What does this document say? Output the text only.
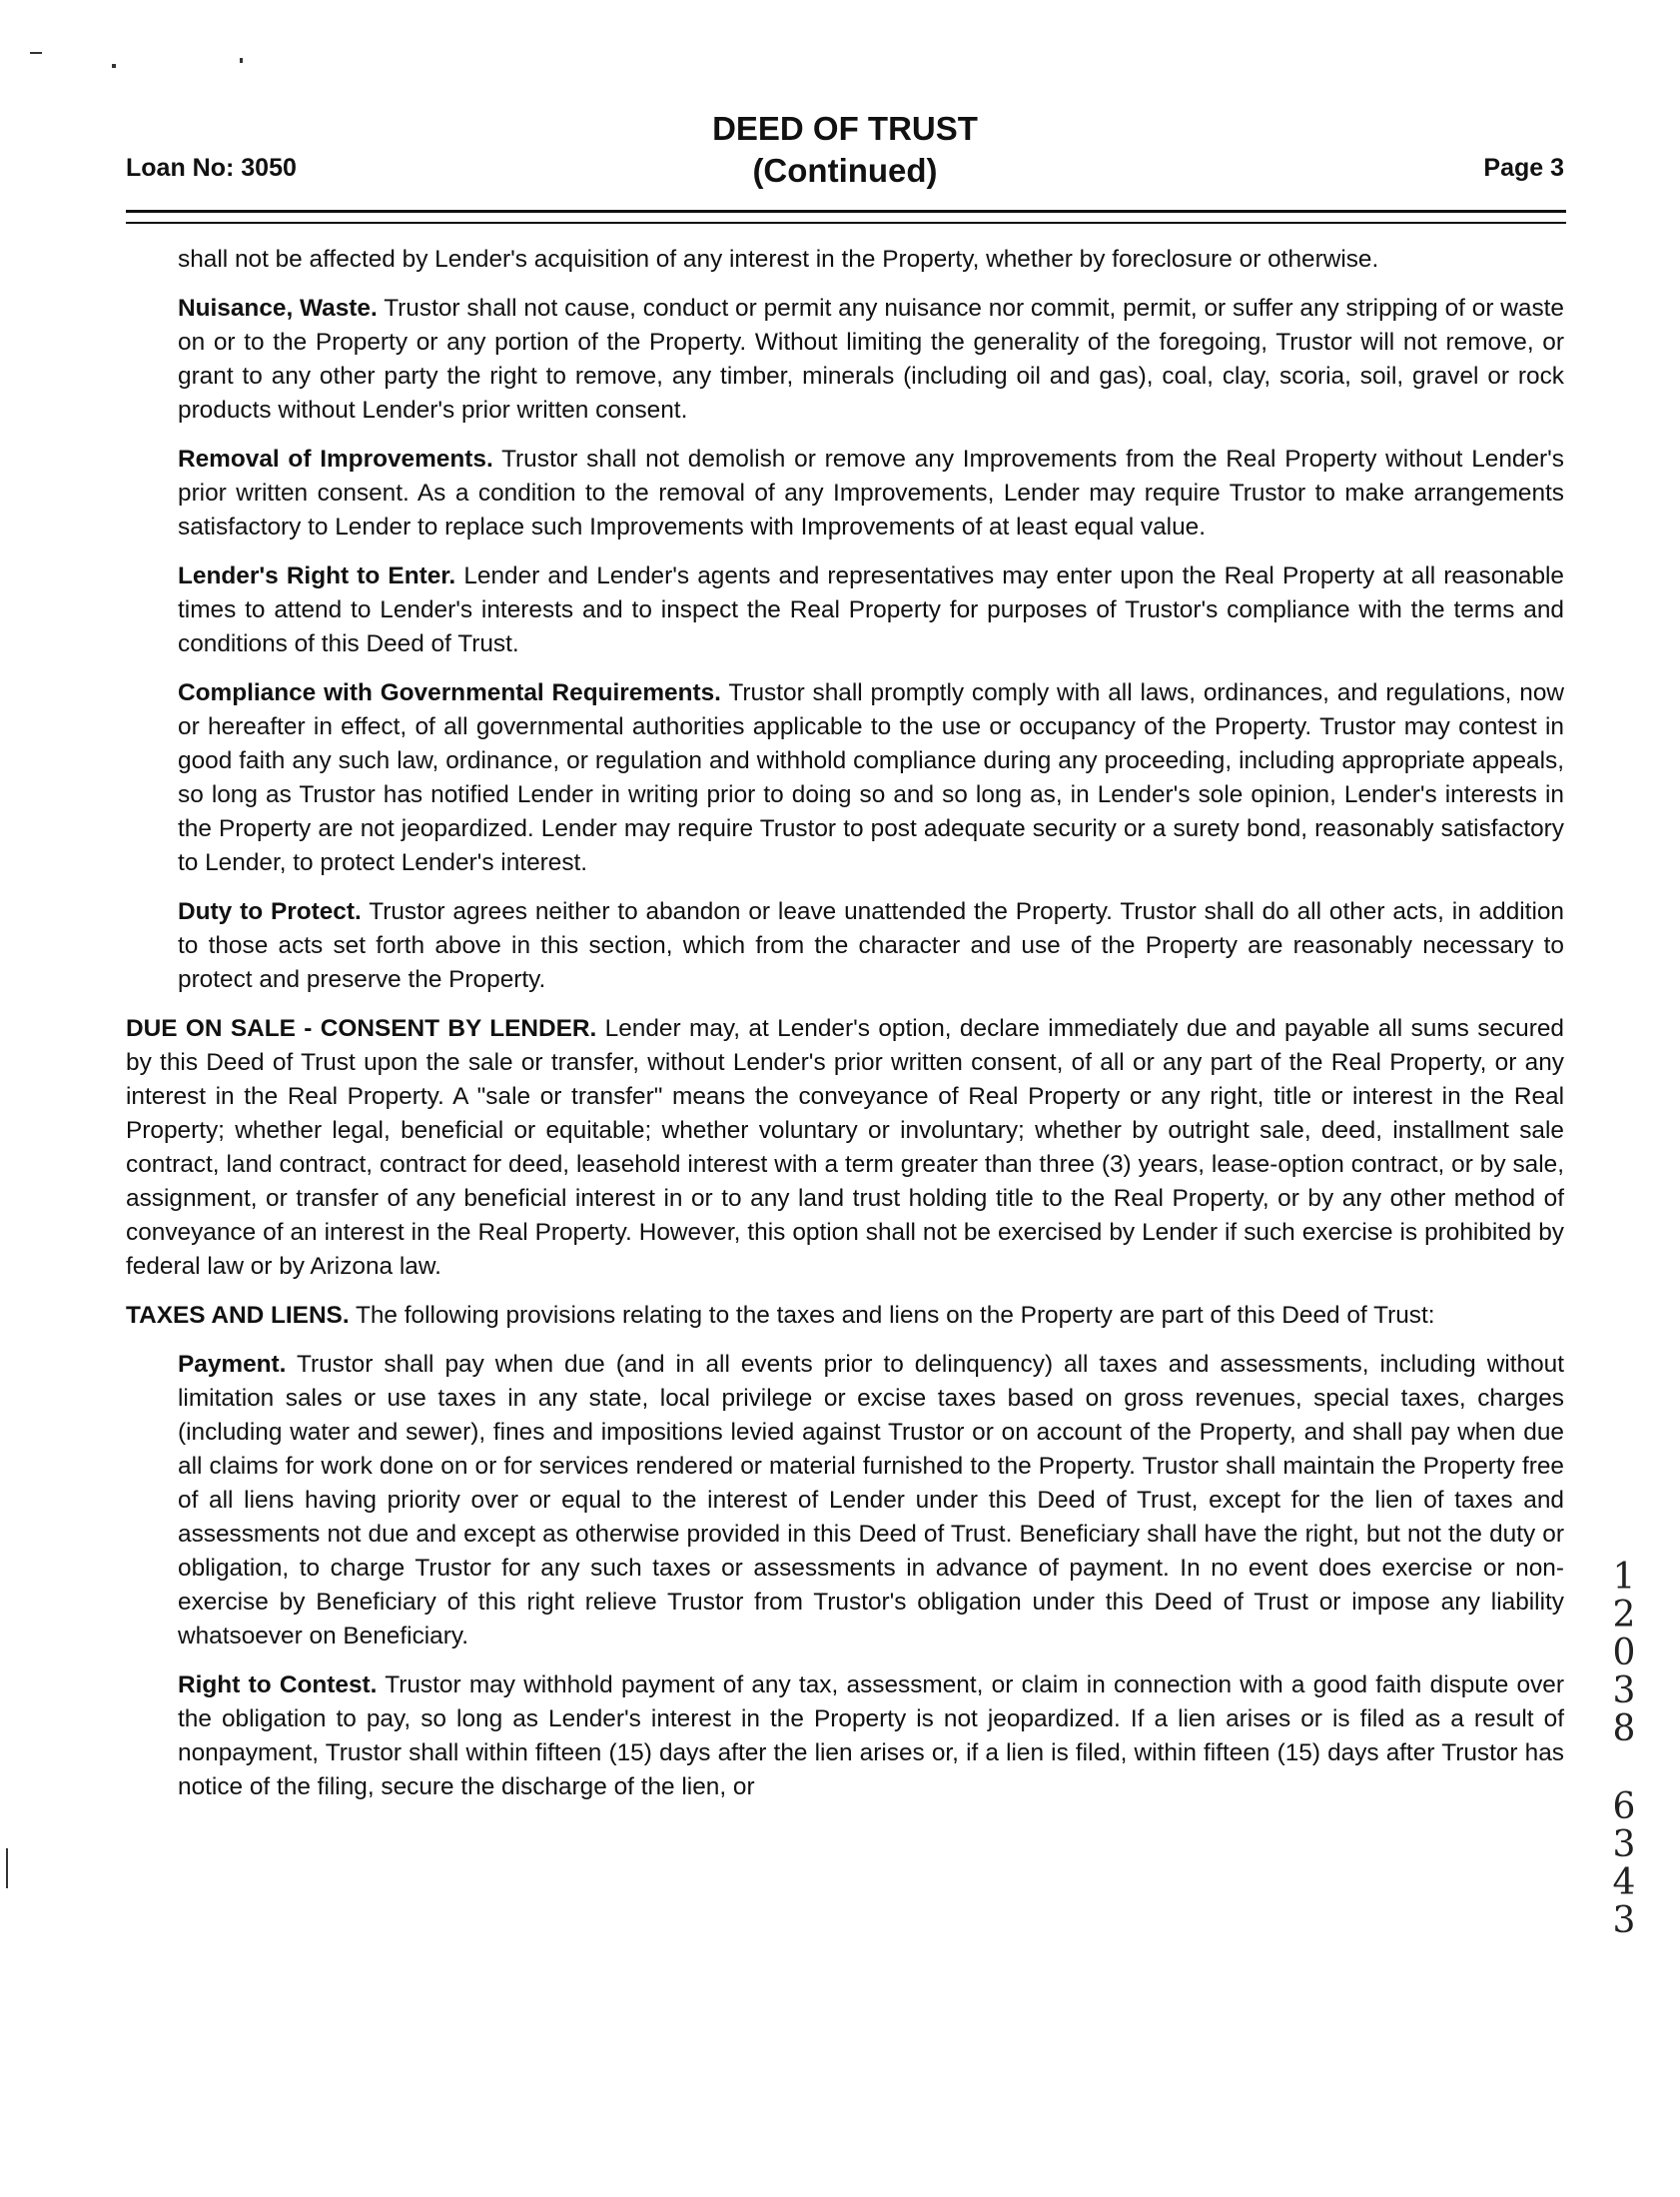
Loan No: 3050
DEED OF TRUST
(Continued)	Page 3

shall not be affected by Lender's acquisition of any interest in the Property, whether by foreclosure or otherwise.

Nuisance, Waste. Trustor shall not cause, conduct or permit any nuisance nor commit, permit, or suffer any stripping of or waste on or to the Property or any portion of the Property. Without limiting the generality of the foregoing, Trustor will not remove, or grant to any other party the right to remove, any timber, minerals (including oil and gas), coal, clay, scoria, soil, gravel or rock products without Lender's prior written consent.

Removal of Improvements. Trustor shall not demolish or remove any Improvements from the Real Property without Lender's prior written consent. As a condition to the removal of any Improvements, Lender may require Trustor to make arrangements satisfactory to Lender to replace such Improvements with Improvements of at least equal value.

Lender's Right to Enter. Lender and Lender's agents and representatives may enter upon the Real Property at all reasonable times to attend to Lender's interests and to inspect the Real Property for purposes of Trustor's compliance with the terms and conditions of this Deed of Trust.

Compliance with Governmental Requirements. Trustor shall promptly comply with all laws, ordinances, and regulations, now or hereafter in effect, of all governmental authorities applicable to the use or occupancy of the Property. Trustor may contest in good faith any such law, ordinance, or regulation and withhold compliance during any proceeding, including appropriate appeals, so long as Trustor has notified Lender in writing prior to doing so and so long as, in Lender's sole opinion, Lender's interests in the Property are not jeopardized. Lender may require Trustor to post adequate security or a surety bond, reasonably satisfactory to Lender, to protect Lender's interest.

Duty to Protect. Trustor agrees neither to abandon or leave unattended the Property. Trustor shall do all other acts, in addition to those acts set forth above in this section, which from the character and use of the Property are reasonably necessary to protect and preserve the Property.

DUE ON SALE - CONSENT BY LENDER. Lender may, at Lender's option, declare immediately due and payable all sums secured by this Deed of Trust upon the sale or transfer, without Lender's prior written consent, of all or any part of the Real Property, or any interest in the Real Property. A "sale or transfer" means the conveyance of Real Property or any right, title or interest in the Real Property; whether legal, beneficial or equitable; whether voluntary or involuntary; whether by outright sale, deed, installment sale contract, land contract, contract for deed, leasehold interest with a term greater than three (3) years, lease-option contract, or by sale, assignment, or transfer of any beneficial interest in or to any land trust holding title to the Real Property, or by any other method of conveyance of an interest in the Real Property. However, this option shall not be exercised by Lender if such exercise is prohibited by federal law or by Arizona law.

TAXES AND LIENS. The following provisions relating to the taxes and liens on the Property are part of this Deed of Trust:

Payment. Trustor shall pay when due (and in all events prior to delinquency) all taxes and assessments, including without limitation sales or use taxes in any state, local privilege or excise taxes based on gross revenues, special taxes, charges (including water and sewer), fines and impositions levied against Trustor or on account of the Property, and shall pay when due all claims for work done on or for services rendered or material furnished to the Property. Trustor shall maintain the Property free of all liens having priority over or equal to the interest of Lender under this Deed of Trust, except for the lien of taxes and assessments not due and except as otherwise provided in this Deed of Trust. Beneficiary shall have the right, but not the duty or obligation, to charge Trustor for any such taxes or assessments in advance of payment. In no event does exercise or non-exercise by Beneficiary of this right relieve Trustor from Trustor's obligation under this Deed of Trust or impose any liability whatsoever on Beneficiary.

Right to Contest. Trustor may withhold payment of any tax, assessment, or claim in connection with a good faith dispute over the obligation to pay, so long as Lender's interest in the Property is not jeopardized. If a lien arises or is filed as a result of nonpayment, Trustor shall within fifteen (15) days after the lien arises or, if a lien is filed, within fifteen (15) days after Trustor has notice of the filing, secure the discharge of the lien, or

1
2
0
3
8
6
3
4
3
